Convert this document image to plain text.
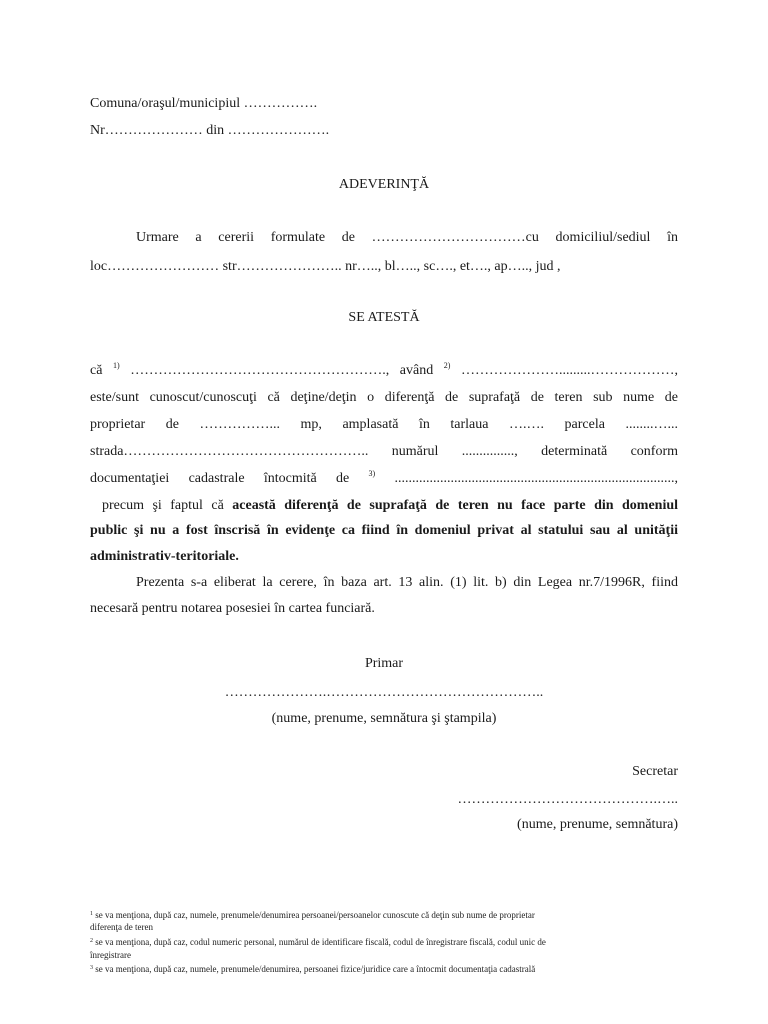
Comuna/oraşul/municipiul …………….
Nr………………… din ………………….
ADEVERINŢĂ
Urmare a cererii formulate de ……………………………cu domiciliul/sediul în
loc…………………… str………………….. nr….., bl….., sc…., et…., ap….., jud ,
SE ATESTĂ
că $^{1)}$ ………………………………………………., având $^{2)}$ ………………….........………………,
este/sunt cunoscut/cunoscuţi că deţine/deţin o diferenţă de suprafaţă de teren sub nume de
proprietar de ……………... mp, amplasată în tarlaua ….…. parcela ........…...
strada…………………………………………….. numărul ..............., determinată conform
documentaţiei cadastrale întocmită de $^{3)}$ ................................................................................,
precum şi faptul că această diferenţă de suprafaţă de teren nu face parte din domeniul
public şi nu a fost înscrisă în evidenţe ca fiind în domeniul privat al statului sau al unităţii
administrativ-teritoriale.
Prezenta s-a eliberat la cerere, în baza art. 13 alin. (1) lit. b) din Legea nr.7/1996R, fiind
necesară pentru notarea posesiei în cartea funciară.
Primar
………………….………………………………………..
(nume, prenume, semnătura şi ştampila)
Secretar
…………………………………….…..
(nume, prenume, semnătura)
$^1$ se va menţiona, după caz, numele, prenumele/denumirea persoanei/persoanelor cunoscute că deţin sub nume de proprietar
diferenţa de teren
$^2$ se va menţiona, după caz, codul numeric personal, numărul de identificare fiscală, codul de înregistrare fiscală, codul unic de
înregistrare
$^3$ se va menţiona, după caz, numele, prenumele/denumirea, persoanei fizice/juridice care a întocmit documentaţia cadastrală
